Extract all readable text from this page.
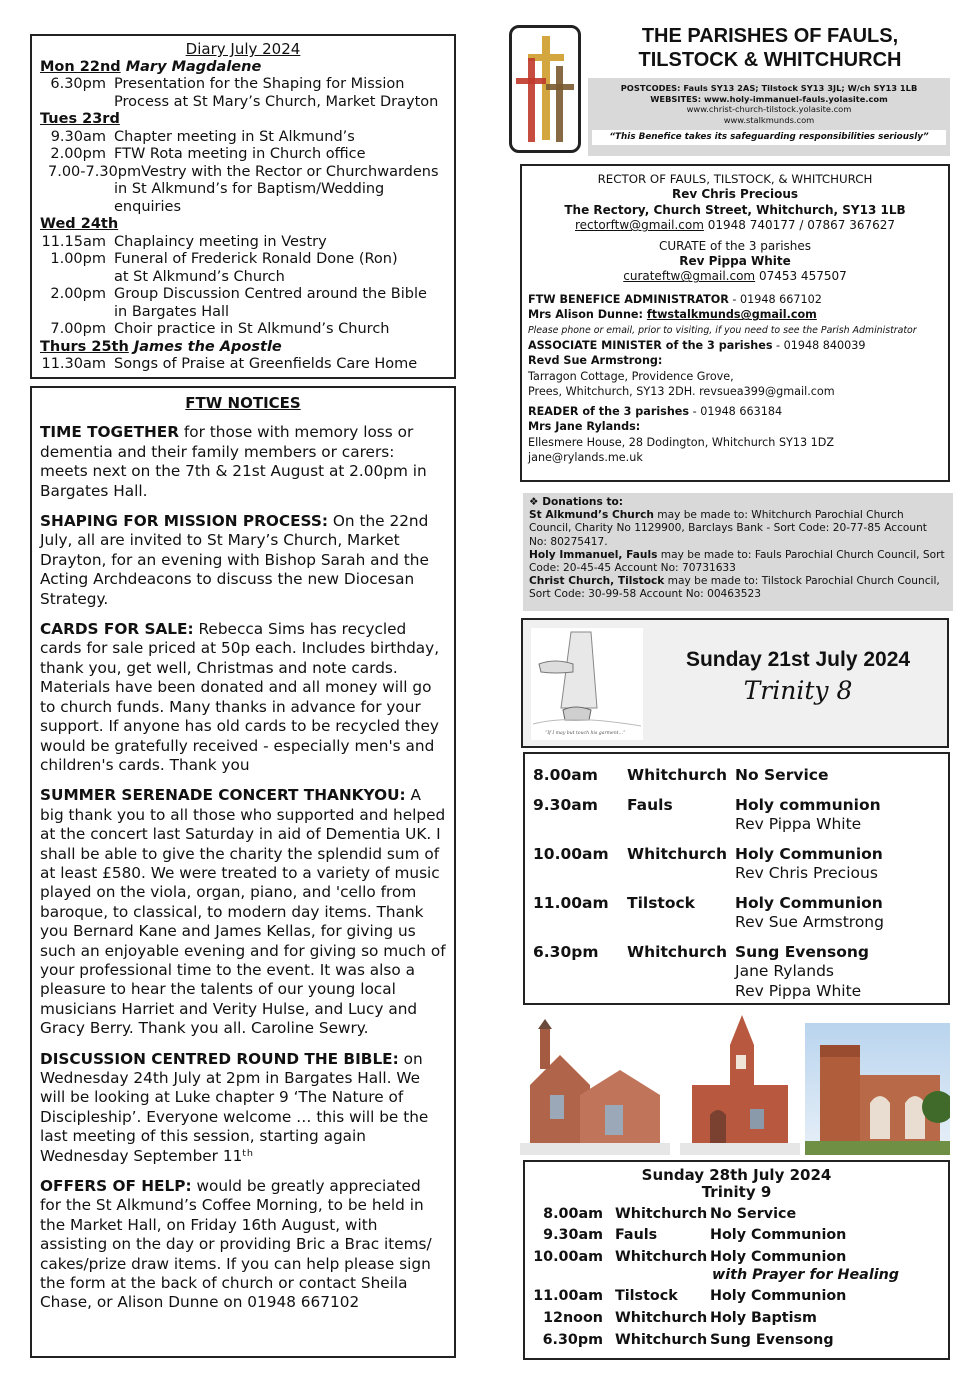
Diary July 2024
Mon 22nd Mary Magdalene
6.30pm Presentation for the Shaping for Mission
Process at St Mary’s Church, Market Drayton
Tues 23rd
9.30am Chapter meeting in St Alkmund’s
2.00pm FTW Rota meeting in Church office
7.00-7.30pm Vestry with the Rector or Churchwardens
in St Alkmund’s for Baptism/Wedding enquiries
Wed 24th
11.15am Chaplaincy meeting in Vestry
1.00pm Funeral of Frederick Ronald Done (Ron)
at St Alkmund’s Church
2.00pm Group Discussion Centred around the Bible
in Bargates Hall
7.00pm Choir practice in St Alkmund’s Church
Thurs 25th James the Apostle
11.30am Songs of Praise at Greenfields Care Home
FTW NOTICES
TIME TOGETHER for those with memory loss or dementia and their family members or carers: meets next on the 7th & 21st August at 2.00pm in Bargates Hall.
SHAPING FOR MISSION PROCESS: On the 22nd July, all are invited to St Mary’s Church, Market Drayton, for an evening with Bishop Sarah and the Acting Archdeacons to discuss the new Diocesan Strategy.
CARDS FOR SALE: Rebecca Sims has recycled cards for sale priced at 50p each. Includes birthday, thank you, get well, Christmas and note cards. Materials have been donated and all money will go to church funds. Many thanks in advance for your support. If anyone has old cards to be recycled they would be gratefully received - especially men's and children's cards. Thank you
SUMMER SERENADE CONCERT THANKYOU: A big thank you to all those who supported and helped at the concert last Saturday in aid of Dementia UK. I shall be able to give the charity the splendid sum of at least £580. We were treated to a variety of music played on the viola, organ, piano, and 'cello from baroque, to classical, to modern day items. Thank you Bernard Kane and James Kellas, for giving us such an enjoyable evening and for giving so much of your professional time to the event. It was also a pleasure to hear the talents of our young local musicians Harriet and Verity Hulse, and Lucy and Gracy Berry. Thank you all. Caroline Sewry.
DISCUSSION CENTRED ROUND THE BIBLE: on Wednesday 24th July at 2pm in Bargates Hall. We will be looking at Luke chapter 9 ‘The Nature of Discipleship’. Everyone welcome … this will be the last meeting of this session, starting again Wednesday September 11ᵗʰ
OFFERS OF HELP: would be greatly appreciated for the St Alkmund’s Coffee Morning, to be held in the Market Hall, on Friday 16th August, with assisting on the day or providing Bric a Brac items/ cakes/prize draw items. If you can help please sign the form at the back of church or contact Sheila Chase, or Alison Dunne on 01948 667102
THE PARISHES OF FAULS,
TILSTOCK & WHITCHURCH
POSTCODES: Fauls SY13 2AS; Tilstock SY13 3JL; W/ch SY13 1LB
WEBSITES: www.holy-immanuel-fauls.yolasite.com
www.christ-church-tilstock.yolasite.com
www.stalkmunds.com
“This Benefice takes its safeguarding responsibilities seriously”
RECTOR OF FAULS, TILSTOCK, & WHITCHURCH
Rev Chris Precious
The Rectory, Church Street, Whitchurch, SY13 1LB
rectorftw@gmail.com 01948 740177 / 07867 367627
CURATE of the 3 parishes
Rev Pippa White
curateftw@gmail.com 07453 457507
FTW BENEFICE ADMINISTRATOR - 01948 667102
Mrs Alison Dunne: ftwstalkmunds@gmail.com
Please phone or email, prior to visiting, if you need to see the Parish Administrator
ASSOCIATE MINISTER of the 3 parishes - 01948 840039
Revd Sue Armstrong:
Tarragon Cottage, Providence Grove,
Prees, Whitchurch, SY13 2DH. revsuea399@gmail.com
READER of the 3 parishes - 01948 663184
Mrs Jane Rylands:
Ellesmere House, 28 Dodington, Whitchurch SY13 1DZ
jane@rylands.me.uk
❖ Donations to:
St Alkmund’s Church may be made to: Whitchurch Parochial Church Council, Charity No 1129900, Barclays Bank - Sort Code: 20-77-85 Account No: 80275417.
Holy Immanuel, Fauls may be made to: Fauls Parochial Church Council, Sort Code: 20-45-45 Account No: 70731633
Christ Church, Tilstock may be made to: Tilstock Parochial Church Council, Sort Code: 30-99-58 Account No: 00463523
“If I may but touch his garment…”
Sunday 21st July 2024
Trinity 8
8.00am	Whitchurch No Service
9.30am	Fauls	Holy communion
Rev Pippa White
10.00am	Whitchurch Holy Communion
Rev Chris Precious
11.00am	Tilstock	Holy Communion
Rev Sue Armstrong
6.30pm	Whitchurch Sung Evensong
Jane Rylands
Rev Pippa White
Sunday 28th July 2024
Trinity 9
8.00am Whitchurch No Service
9.30am Fauls	Holy Communion
10.00am Whitchurch Holy Communion
with Prayer for Healing
11.00am Tilstock	Holy Communion
12noon Whitchurch Holy Baptism
6.30pm Whitchurch Sung Evensong
